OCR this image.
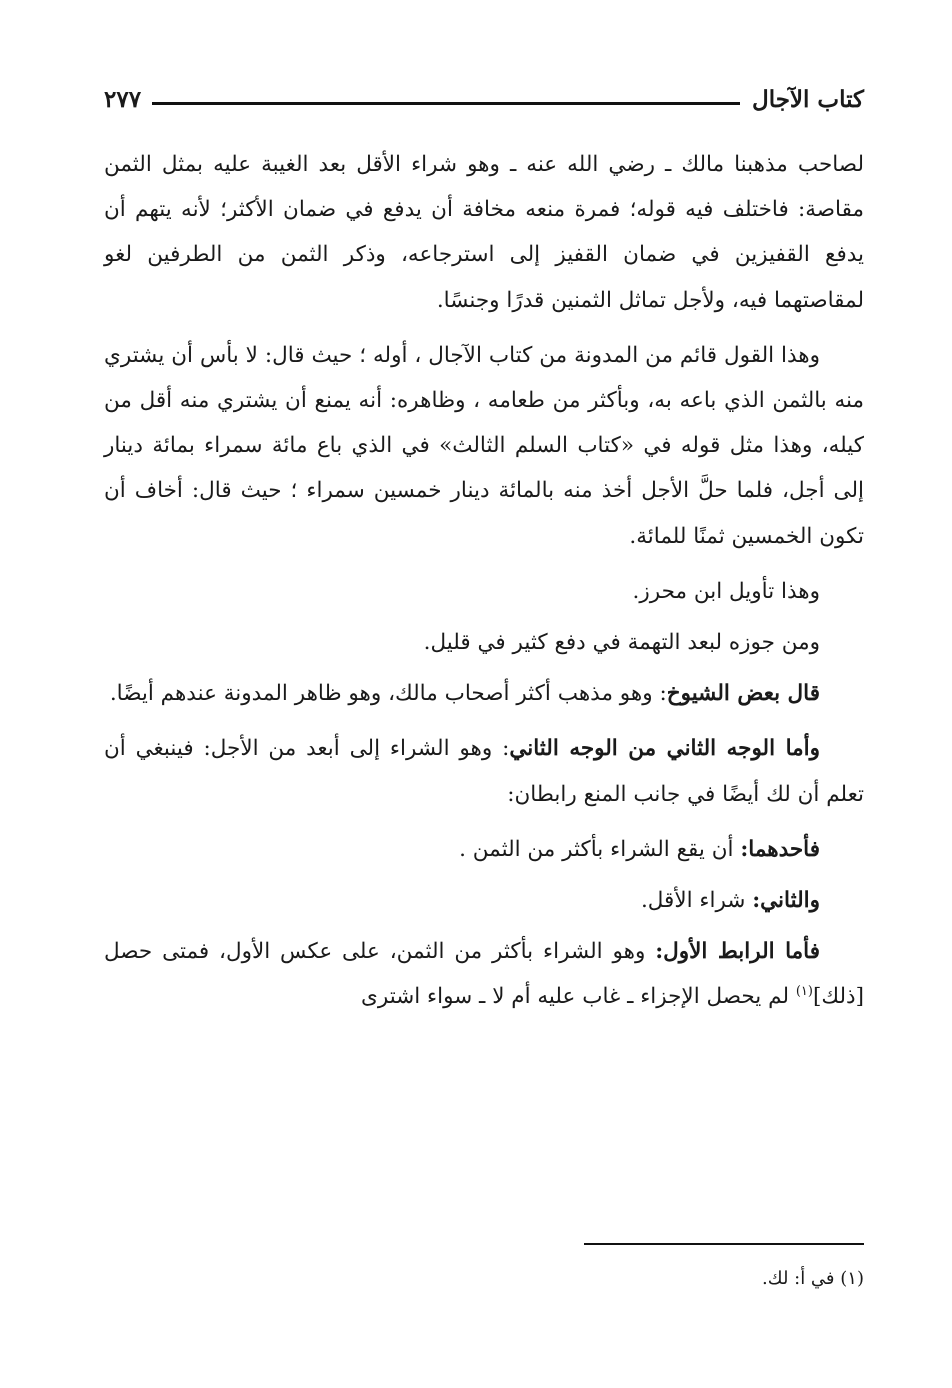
كتاب الآجال
٢٧٧

لصاحب مذهبنا مالك ـ رضي الله عنه ـ وهو شراء الأقل بعد الغيبة عليه بمثل الثمن مقاصة: فاختلف فيه قوله؛ فمرة منعه مخافة أن يدفع في ضمان الأكثر؛ لأنه يتهم أن يدفع القفيزين في ضمان القفيز إلى استرجاعه، وذكر الثمن من الطرفين لغو لمقاصتهما فيه، ولأجل تماثل الثمنين قدرًا وجنسًا.

وهذا القول قائم من المدونة من كتاب الآجال ، أوله ؛ حيث قال: لا بأس أن يشتري منه بالثمن الذي باعه به، وبأكثر من طعامه ، وظاهره: أنه يمنع أن يشتري منه أقل من كيله، وهذا مثل قوله في «كتاب السلم الثالث» في الذي باع مائة سمراء بمائة دينار إلى أجل، فلما حلَّ الأجل أخذ منه بالمائة دينار خمسين سمراء ؛ حيث قال: أخاف أن تكون الخمسين ثمنًا للمائة.

وهذا تأويل ابن محرز.

ومن جوزه لبعد التهمة في دفع كثير في قليل.

قال بعض الشيوخ: وهو مذهب أكثر أصحاب مالك، وهو ظاهر المدونة عندهم أيضًا.

وأما الوجه الثاني من الوجه الثاني: وهو الشراء إلى أبعد من الأجل: فينبغي أن تعلم أن لك أيضًا في جانب المنع رابطان:

فأحدهما: أن يقع الشراء بأكثر من الثمن .

والثاني: شراء الأقل.

فأما الرابط الأول: وهو الشراء بأكثر من الثمن، على عكس الأول، فمتى حصل [ذلك]$^{(١)}$ لم يحصل الإجزاء ـ غاب عليه أم لا ـ سواء اشترى

(١) في أ: لك.
